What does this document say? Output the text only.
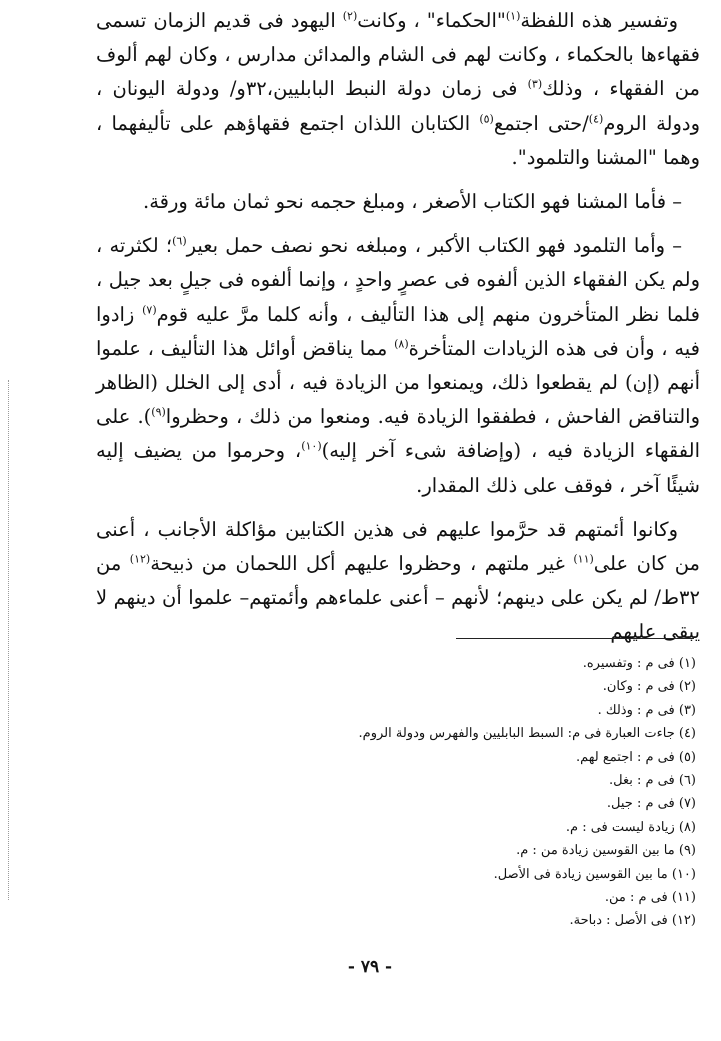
وتفسير هذه اللفظة$^{(١)}$"الحكماء" ، وكانت$^{(٢)}$ اليهود فى قديم الزمان تسمى فقهاءها بالحكماء ، وكانت لهم فى الشام والمدائن مدارس ، وكان لهم ألوف من الفقهاء ، وذلك$^{(٣)}$ فى زمان دولة النبط البابليين،٣٢و/ ودولة اليونان ، ودولة الروم$^{(٤)}$/حتى اجتمع$^{(٥)}$ الكتابان اللذان اجتمع فقهاؤهم على تأليفهما ، وهما "المشنا والتلمود".

– فأما المشنا فهو الكتاب الأصغر ، ومبلغ حجمه نحو ثمان مائة ورقة.

– وأما التلمود فهو الكتاب الأكبر ، ومبلغه نحو نصف حمل بعير$^{(٦)}$؛ لكثرته ، ولم يكن الفقهاء الذين ألفوه فى عصرٍ واحدٍ ، وإنما ألفوه فى جيلٍ بعد جيل ، فلما نظر المتأخرون منهم إلى هذا التأليف ، وأنه كلما مرَّ عليه قوم$^{(٧)}$ زادوا فيه ، وأن فى هذه الزيادات المتأخرة$^{(٨)}$ مما يناقض أوائل هذا التأليف ، علموا أنهم (إن) لم يقطعوا ذلك، ويمنعوا من الزيادة فيه ، أدى إلى الخلل (الظاهر والتناقض الفاحش ، فطفقوا الزيادة فيه. ومنعوا من ذلك ، وحظروا$^{(٩)}$). على الفقهاء الزيادة فيه ، (وإضافة شىء آخر إليه)$^{(١٠)}$، وحرموا من يضيف إليه شيئًا آخر ، فوقف على ذلك المقدار.

وكانوا أئمتهم قد حرَّموا عليهم فى هذين الكتابين مؤاكلة الأجانب ، أعنى من كان على$^{(١١)}$ غير ملتهم ، وحظروا عليهم أكل اللحمان من ذبيحة$^{(١٢)}$ من ٣٢ط/ لم يكن على دينهم؛ لأنهم – أعنى علماءهم وأئمتهم– علموا أن دينهم لا يبقى عليهم

(١) فى م : وتفسيره.
(٢) فى م : وكان.
(٣) فى م : وذلك .
(٤) جاءت العبارة فى م: السبط البابليين والفهرس ودولة الروم.
(٥) فى م : اجتمع لهم.
(٦) فى م : بغل.
(٧) فى م : جيل.
(٨) زيادة ليست فى : م.
(٩) ما بين القوسين زيادة من : م.
(١٠) ما بين القوسين زيادة فى الأصل.
(١١) فى م : من.
(١٢) فى الأصل : دباحة.
- ٧٩ -
